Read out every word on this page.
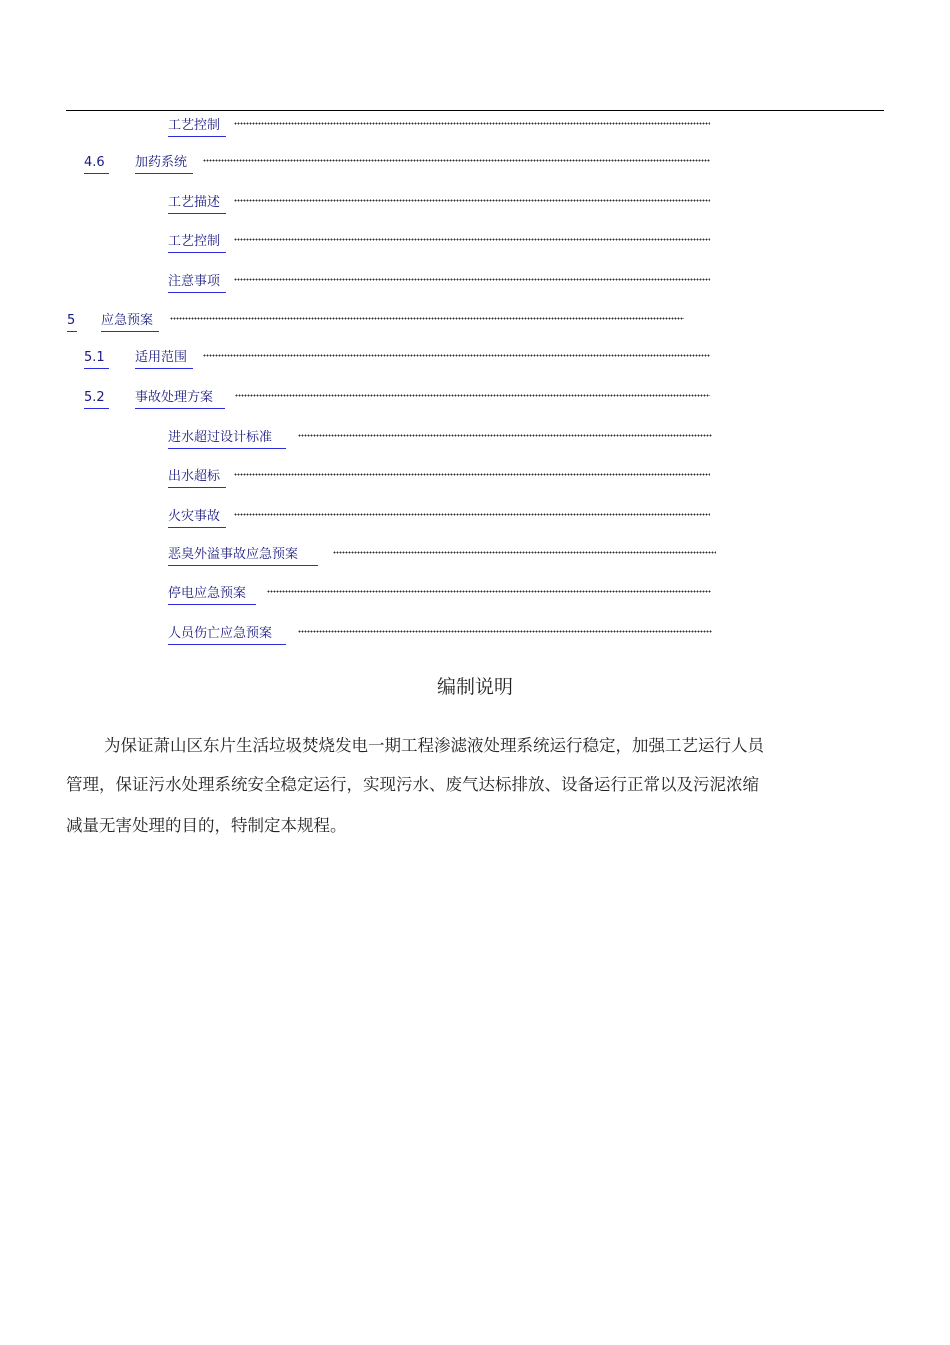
工艺控制
4.6 加药系统
工艺描述
工艺控制
注意事项
5 应急预案
5.1 适用范围
5.2 事故处理方案
进水超过设计标准
出水超标
火灾事故
恶臭外溢事故应急预案
停电应急预案
人员伤亡应急预案
编制说明
为保证萧山区东片生活垃圾焚烧发电一期工程渗滤液处理系统运行稳定，加强工艺运行人员
管理，保证污水处理系统安全稳定运行，实现污水、废气达标排放、设备运行正常以及污泥浓缩
减量无害处理的目的，特制定本规程。
